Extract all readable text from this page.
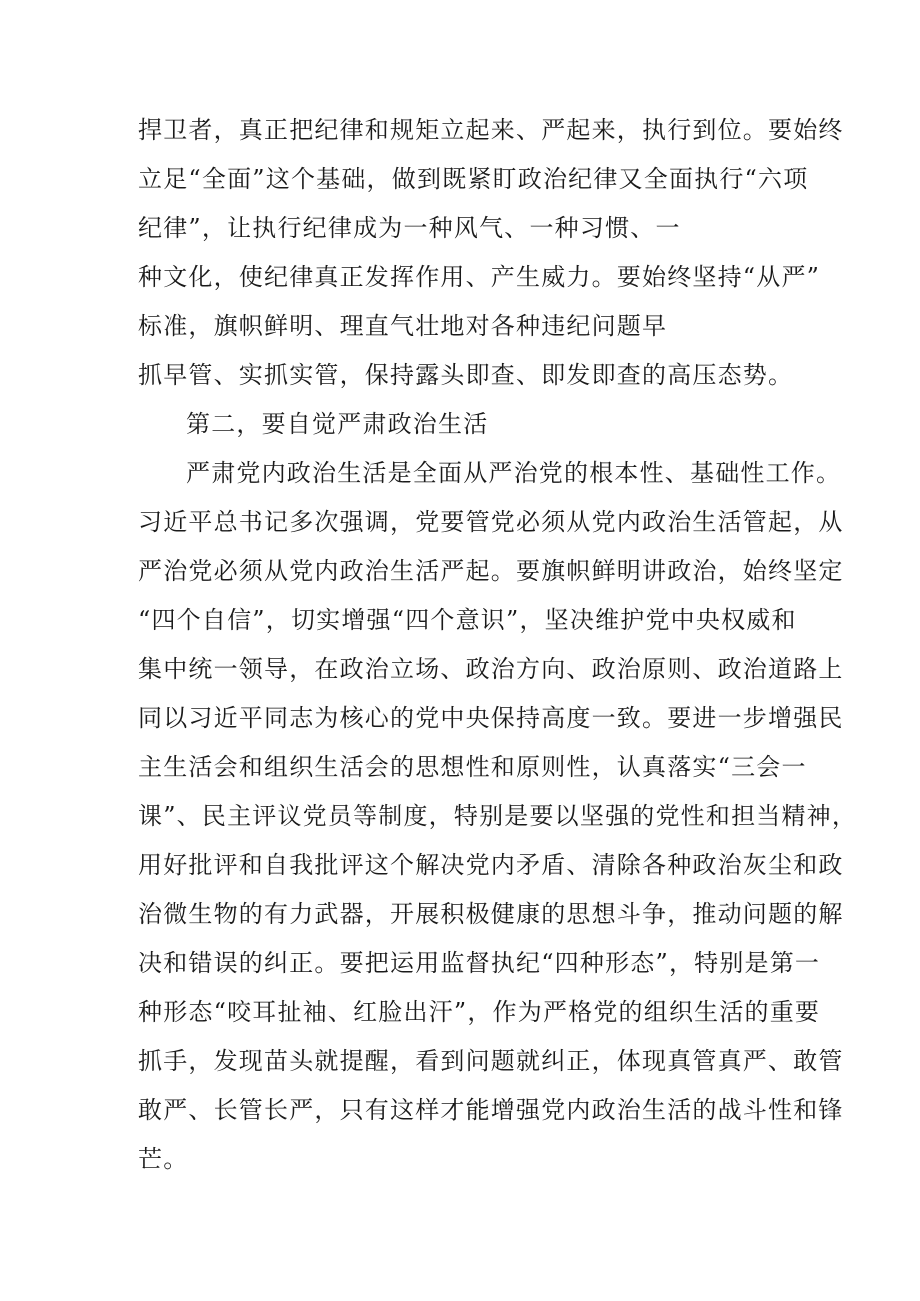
捍卫者，真正把纪律和规矩立起来、严起来，执行到位。要始终
立足“全面”这个基础，做到既紧盯政治纪律又全面执行“六项
纪律”，让执行纪律成为一种风气、一种习惯、一
种文化，使纪律真正发挥作用、产生威力。要始终坚持“从严”
标准，旗帜鲜明、理直气壮地对各种违纪问题早
抓早管、实抓实管，保持露头即查、即发即查的高压态势。
第二，要自觉严肃政治生活
严肃党内政治生活是全面从严治党的根本性、基础性工作。
习近平总书记多次强调，党要管党必须从党内政治生活管起，从
严治党必须从党内政治生活严起。要旗帜鲜明讲政治，始终坚定
“四个自信”，切实增强“四个意识”，坚决维护党中央权威和
集中统一领导，在政治立场、政治方向、政治原则、政治道路上
同以习近平同志为核心的党中央保持高度一致。要进一步增强民
主生活会和组织生活会的思想性和原则性，认真落实“三会一
课”、民主评议党员等制度，特别是要以坚强的党性和担当精神，
用好批评和自我批评这个解决党内矛盾、清除各种政治灰尘和政
治微生物的有力武器，开展积极健康的思想斗争，推动问题的解
决和错误的纠正。要把运用监督执纪“四种形态”，特别是第一
种形态“咬耳扯袖、红脸出汗”，作为严格党的组织生活的重要
抓手，发现苗头就提醒，看到问题就纠正，体现真管真严、敢管
敢严、长管长严，只有这样才能增强党内政治生活的战斗性和锋
芒。
